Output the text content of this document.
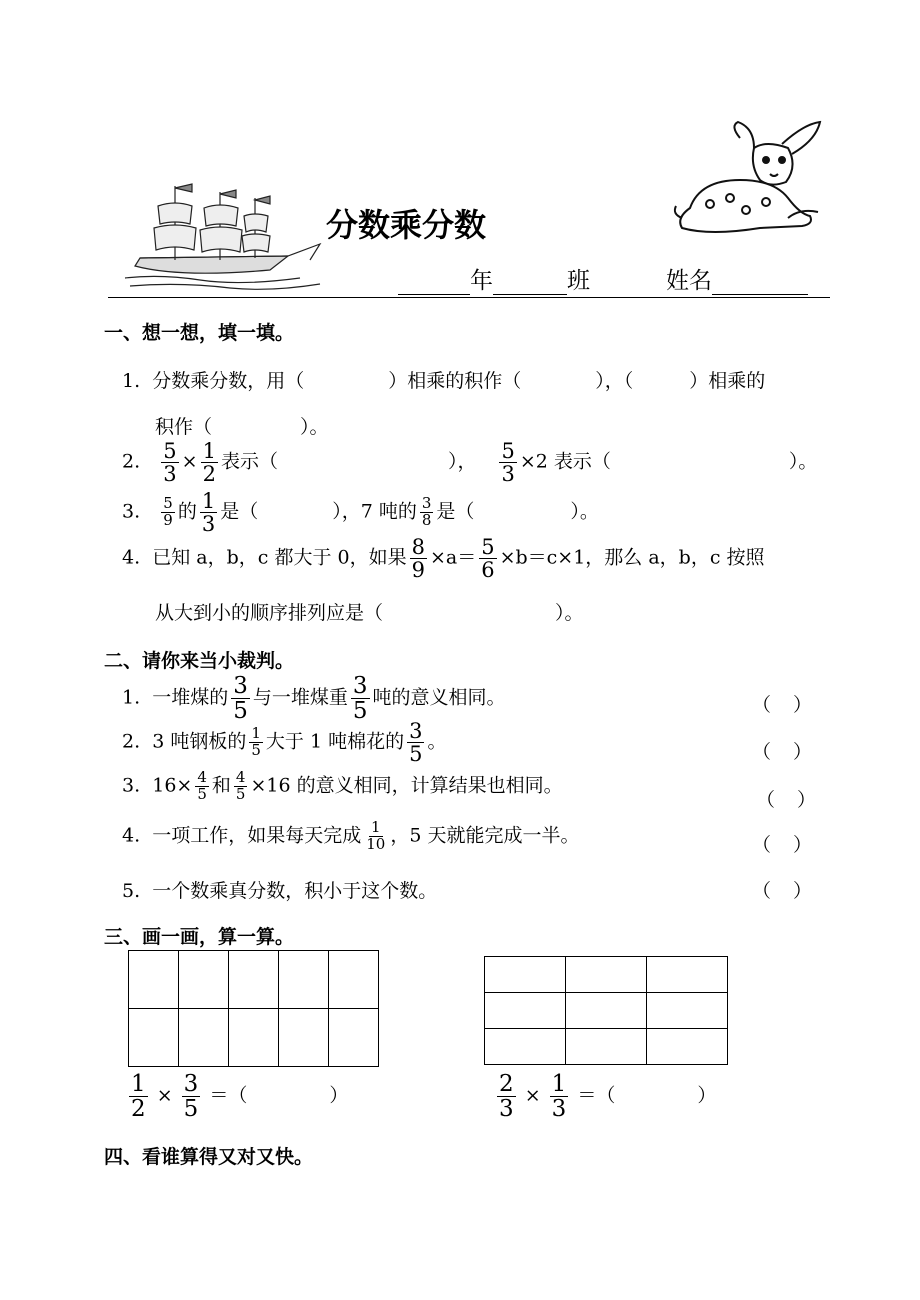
分数乘分数
年	班	姓名
一、想一想，填一填。
1. 分数乘分数，用（	）相乘的积作（	），（	）相乘的
积作（	）。
2. $\frac{5}{3} \times \frac{1}{2}$ 表示（	）， $\frac{5}{3} \times 2$ 表示（	）。
3. $\frac{5}{9}$ 的 $\frac{1}{3}$ 是（	），7 吨的 $\frac{3}{8}$ 是（	）。
4. 已知 a，b，c 都大于 0，如果 $\frac{8}{9} \times a= \frac{5}{6} \times b=c\times 1$，那么 a，b，c 按照
从大到小的顺序排列应是（	）。
二、请你来当小裁判。
1. 一堆煤的 $\frac{3}{5}$ 与一堆煤重 $\frac{3}{5}$ 吨的意义相同。	（ ）
2. 3 吨钢板的 $\frac{1}{5}$ 大于 1 吨棉花的 $\frac{3}{5}$ 。	（ ）
3. $16\times \frac{4}{5}$ 和 $\frac{4}{5} \times 16$ 的意义相同，计算结果也相同。
（ ）
4. 一项工作，如果每天完成 $\frac{1}{10}$ ，5 天就能完成一半。	（ ）
5. 一个数乘真分数，积小于这个数。	（ ）
三、画一画，算一算。

$\frac{1}{2} \times \frac{3}{5}$ ＝（	）	$\frac{2}{3} \times \frac{1}{3}$ ＝（	）
四、看谁算得又对又快。
